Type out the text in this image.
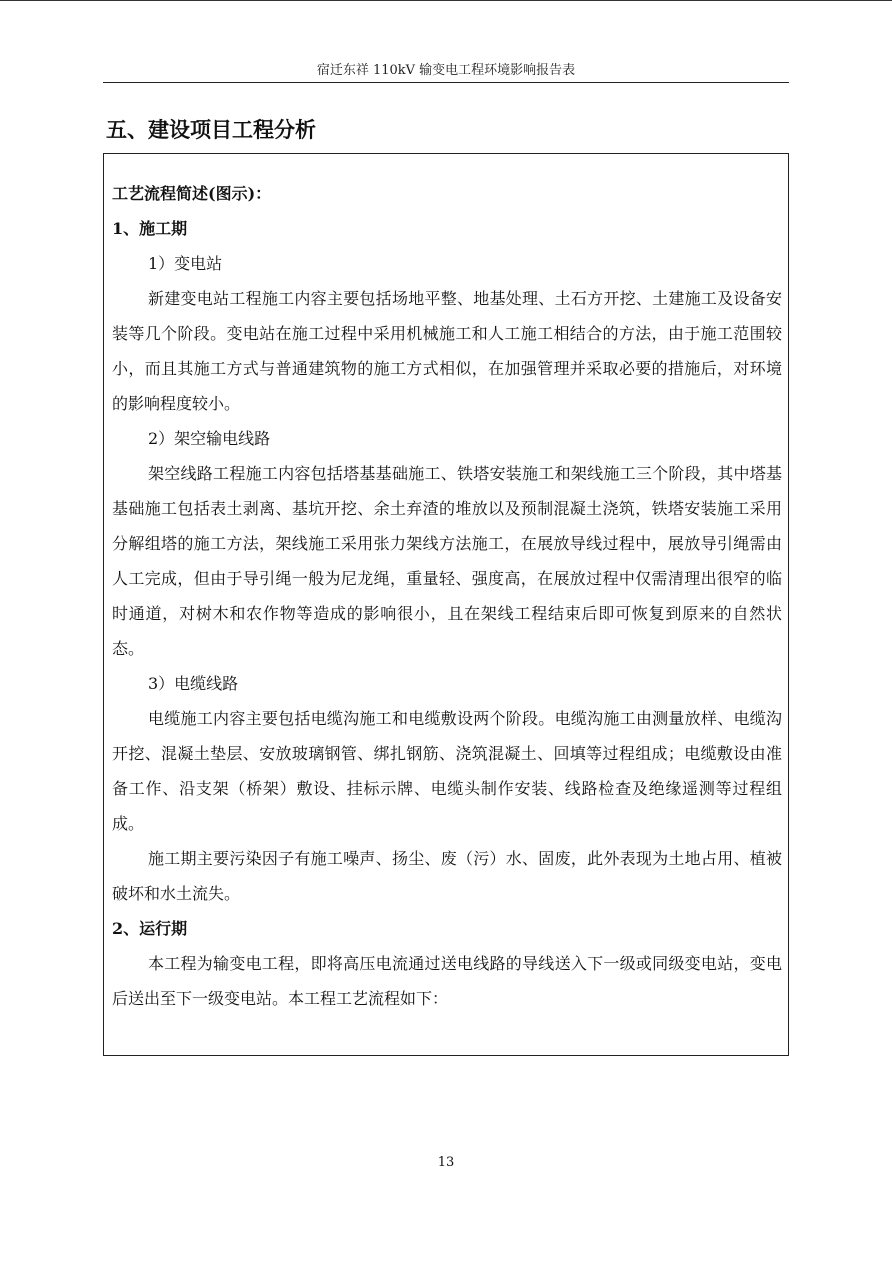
宿迁东祥 110kV 输变电工程环境影响报告表
五、建设项目工程分析
工艺流程简述(图示)：
1、施工期
1）变电站

新建变电站工程施工内容主要包括场地平整、地基处理、土石方开挖、土建施工及设备安装等几个阶段。变电站在施工过程中采用机械施工和人工施工相结合的方法，由于施工范围较小，而且其施工方式与普通建筑物的施工方式相似，在加强管理并采取必要的措施后，对环境的影响程度较小。

2）架空输电线路

架空线路工程施工内容包括塔基基础施工、铁塔安装施工和架线施工三个阶段，其中塔基基础施工包括表土剥离、基坑开挖、余土弃渣的堆放以及预制混凝土浇筑，铁塔安装施工采用分解组塔的施工方法，架线施工采用张力架线方法施工，在展放导线过程中，展放导引绳需由人工完成，但由于导引绳一般为尼龙绳，重量轻、强度高，在展放过程中仅需清理出很窄的临时通道，对树木和农作物等造成的影响很小，且在架线工程结束后即可恢复到原来的自然状态。

3）电缆线路

电缆施工内容主要包括电缆沟施工和电缆敷设两个阶段。电缆沟施工由测量放样、电缆沟开挖、混凝土垫层、安放玻璃钢管、绑扎钢筋、浇筑混凝土、回填等过程组成；电缆敷设由准备工作、沿支架（桥架）敷设、挂标示牌、电缆头制作安装、线路检查及绝缘遥测等过程组成。

施工期主要污染因子有施工噪声、扬尘、废（污）水、固废，此外表现为土地占用、植被破坏和水土流失。

2、运行期

本工程为输变电工程，即将高压电流通过送电线路的导线送入下一级或同级变电站，变电后送出至下一级变电站。本工程工艺流程如下：

13
